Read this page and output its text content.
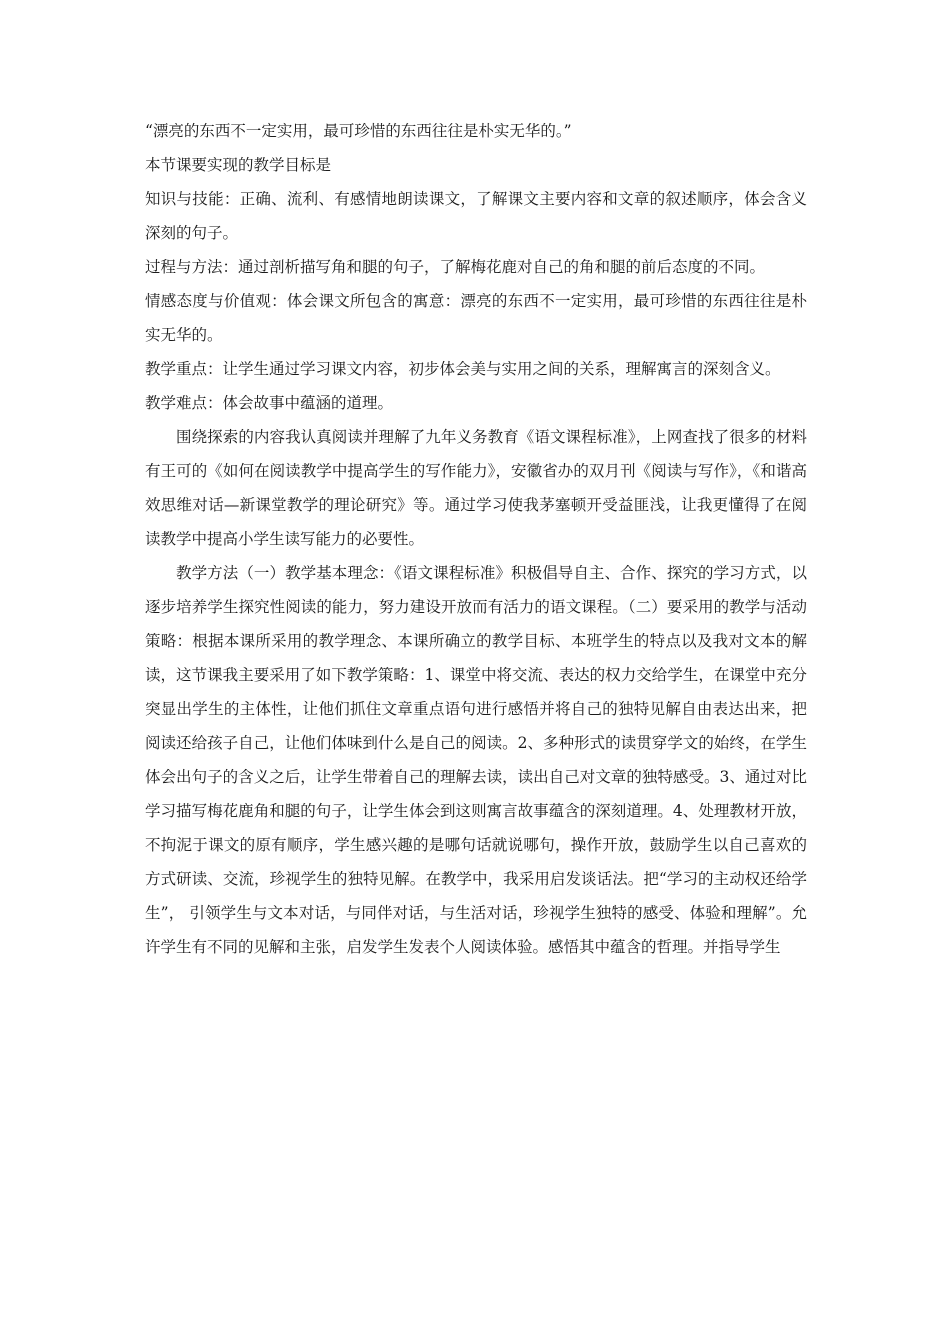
“漂亮的东西不一定实用，最可珍惜的东西往往是朴实无华的。”

本节课要实现的教学目标是

知识与技能：正确、流利、有感情地朗读课文，了解课文主要内容和文章的叙述顺序，体会含义深刻的句子。

过程与方法：通过剖析描写角和腿的句子，了解梅花鹿对自己的角和腿的前后态度的不同。

情感态度与价值观：体会课文所包含的寓意：漂亮的东西不一定实用，最可珍惜的东西往往是朴实无华的。

教学重点：让学生通过学习课文内容，初步体会美与实用之间的关系，理解寓言的深刻含义。

教学难点：体会故事中蕴涵的道理。

围绕探索的内容我认真阅读并理解了九年义务教育《语文课程标准》，上网查找了很多的材料有王可的《如何在阅读教学中提高学生的写作能力》，安徽省办的双月刊《阅读与写作》，《和谐高效思维对话—新课堂教学的理论研究》等。通过学习使我茅塞顿开受益匪浅，让我更懂得了在阅读教学中提高小学生读写能力的必要性。

教学方法（一）教学基本理念：《语文课程标准》积极倡导自主、合作、探究的学习方式，以逐步培养学生探究性阅读的能力，努力建设开放而有活力的语文课程。（二）要采用的教学与活动策略：根据本课所采用的教学理念、本课所确立的教学目标、本班学生的特点以及我对文本的解读，这节课我主要采用了如下教学策略：1、课堂中将交流、表达的权力交给学生，在课堂中充分突显出学生的主体性，让他们抓住文章重点语句进行感悟并将自己的独特见解自由表达出来，把阅读还给孩子自己，让他们体味到什么是自己的阅读。2、多种形式的读贯穿学文的始终，在学生体会出句子的含义之后，让学生带着自己的理解去读，读出自己对文章的独特感受。3、通过对比学习描写梅花鹿角和腿的句子，让学生体会到这则寓言故事蕴含的深刻道理。4、处理教材开放，不拘泥于课文的原有顺序，学生感兴趣的是哪句话就说哪句，操作开放，鼓励学生以自己喜欢的方式研读、交流，珍视学生的独特见解。在教学中，我采用启发谈话法。把“学习的主动权还给学生”， 引领学生与文本对话，与同伴对话，与生活对话，珍视学生独特的感受、体验和理解”。允许学生有不同的见解和主张，启发学生发表个人阅读体验。感悟其中蕴含的哲理。并指导学生
